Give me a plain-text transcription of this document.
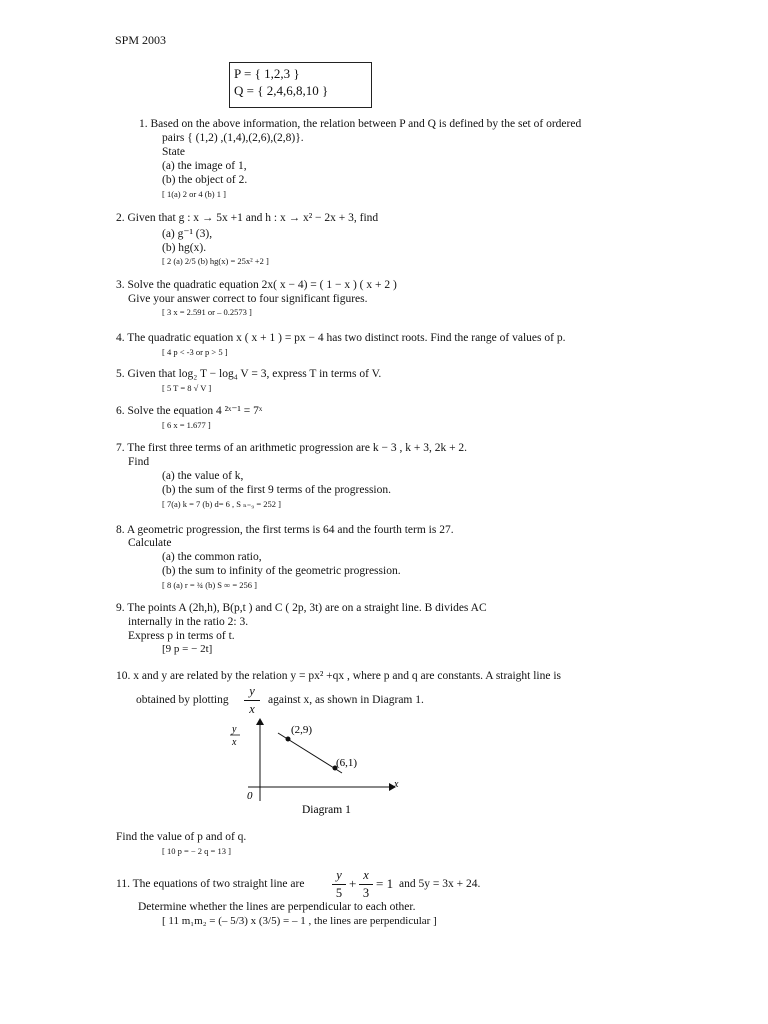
SPM 2003
P = { 1,2,3 }
Q = { 2,4,6,8,10 }
1. Based on the above information, the relation between P and Q is defined by the set of ordered
pairs { (1,2) ,(1,4),(2,6),(2,8)}.
State
(a) the image of 1,
(b) the object of 2.
[ 1(a) 2 or 4 (b) 1 ]
2. Given that g : x → 5x +1 and h : x → x² − 2x + 3, find
(a) g⁻¹ (3),
(b) hg(x).
[ 2 (a) 2/5 (b) hg(x) = 25x² +2 ]
3. Solve the quadratic equation 2x( x − 4) = ( 1 − x ) ( x + 2 )
Give your answer correct to four significant figures.
[ 3 x = 2.591 or – 0.2573 ]
4. The quadratic equation x ( x + 1 ) = px − 4 has two distinct roots. Find the range of values of p.
[ 4 p < -3 or p > 5 ]
5. Given that log₂ T − log₄ V = 3, express T in terms of V.
[ 5 T = 8 √ V ]
6. Solve the equation 4 ²ˣ⁻¹ = 7ˣ
[ 6 x = 1.677 ]
7. The first three terms of an arithmetic progression are k − 3 , k + 3, 2k + 2.
Find
(a) the value of k,
(b) the sum of the first 9 terms of the progression.
[ 7(a) k = 7 (b) d= 6 , S ₙ₌₉ = 252 ]
8. A geometric progression, the first terms is 64 and the fourth term is 27.
Calculate
(a) the common ratio,
(b) the sum to infinity of the geometric progression.
[ 8 (a) r = ¾ (b) S ∞ = 256 ]
9. The points A (2h,h), B(p,t ) and C ( 2p, 3t) are on a straight line. B divides AC
internally in the ratio 2: 3.
Express p in terms of t.
[9 p = − 2t]
10. x and y are related by the relation y = px² +qx , where p and q are constants. A straight line is
obtained by plotting
y
x
against x, as shown in Diagram 1.
(2,9)
(6,1)
y
x
x
0
Diagram 1
Find the value of p and of q.
[ 10 p = − 2 q = 13 ]
11. The equations of two straight line are
y
5
+
x
3
= 1 and 5y = 3x + 24.
Determine whether the lines are perpendicular to each other.
[ 11 m₁m₂ = (– 5/3) x (3/5) = – 1 , the lines are perpendicular ]
